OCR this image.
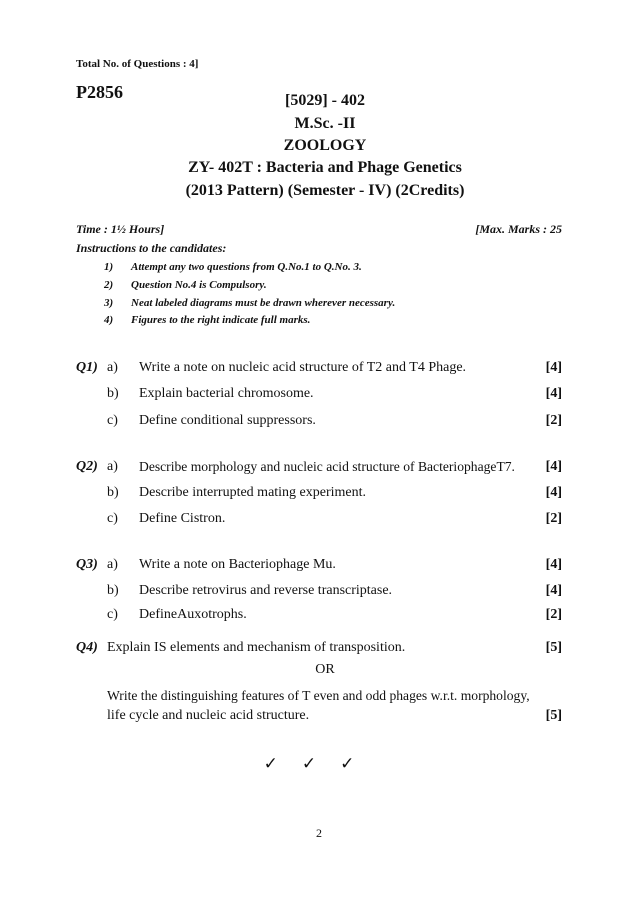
Total No. of Questions : 4]
P2856	[5029] - 402
M.Sc. -II
ZOOLOGY
ZY- 402T : Bacteria and Phage Genetics
(2013 Pattern) (Semester - IV) (2Credits)
Time : 1½ Hours]	[Max. Marks : 25
Instructions to the candidates:
1) Attempt any two questions from Q.No.1 to Q.No. 3.
2) Question No.4 is Compulsory.
3) Neat labeled diagrams must be drawn wherever necessary.
4) Figures to the right indicate full marks.
Q1) a) Write a note on nucleic acid structure of T2 and T4 Phage.	[4]
b) Explain bacterial chromosome.	[4]
c) Define conditional suppressors.	[2]
Q2) a) Describe morphology and nucleic acid structure of BacteriophageT7. [4]
b) Describe interrupted mating experiment.	[4]
c) Define Cistron.	[2]
Q3) a) Write a note on Bacteriophage Mu.	[4]
b) Describe retrovirus and reverse transcriptase.	[4]
c) DefineAuxotrophs.	[2]
Q4) Explain IS elements and mechanism of transposition.	[5]
OR
Write the distinguishing features of T even and odd phages w.r.t. morphology,
life cycle and nucleic acid structure.	[5]
✓ ✓ ✓
2
